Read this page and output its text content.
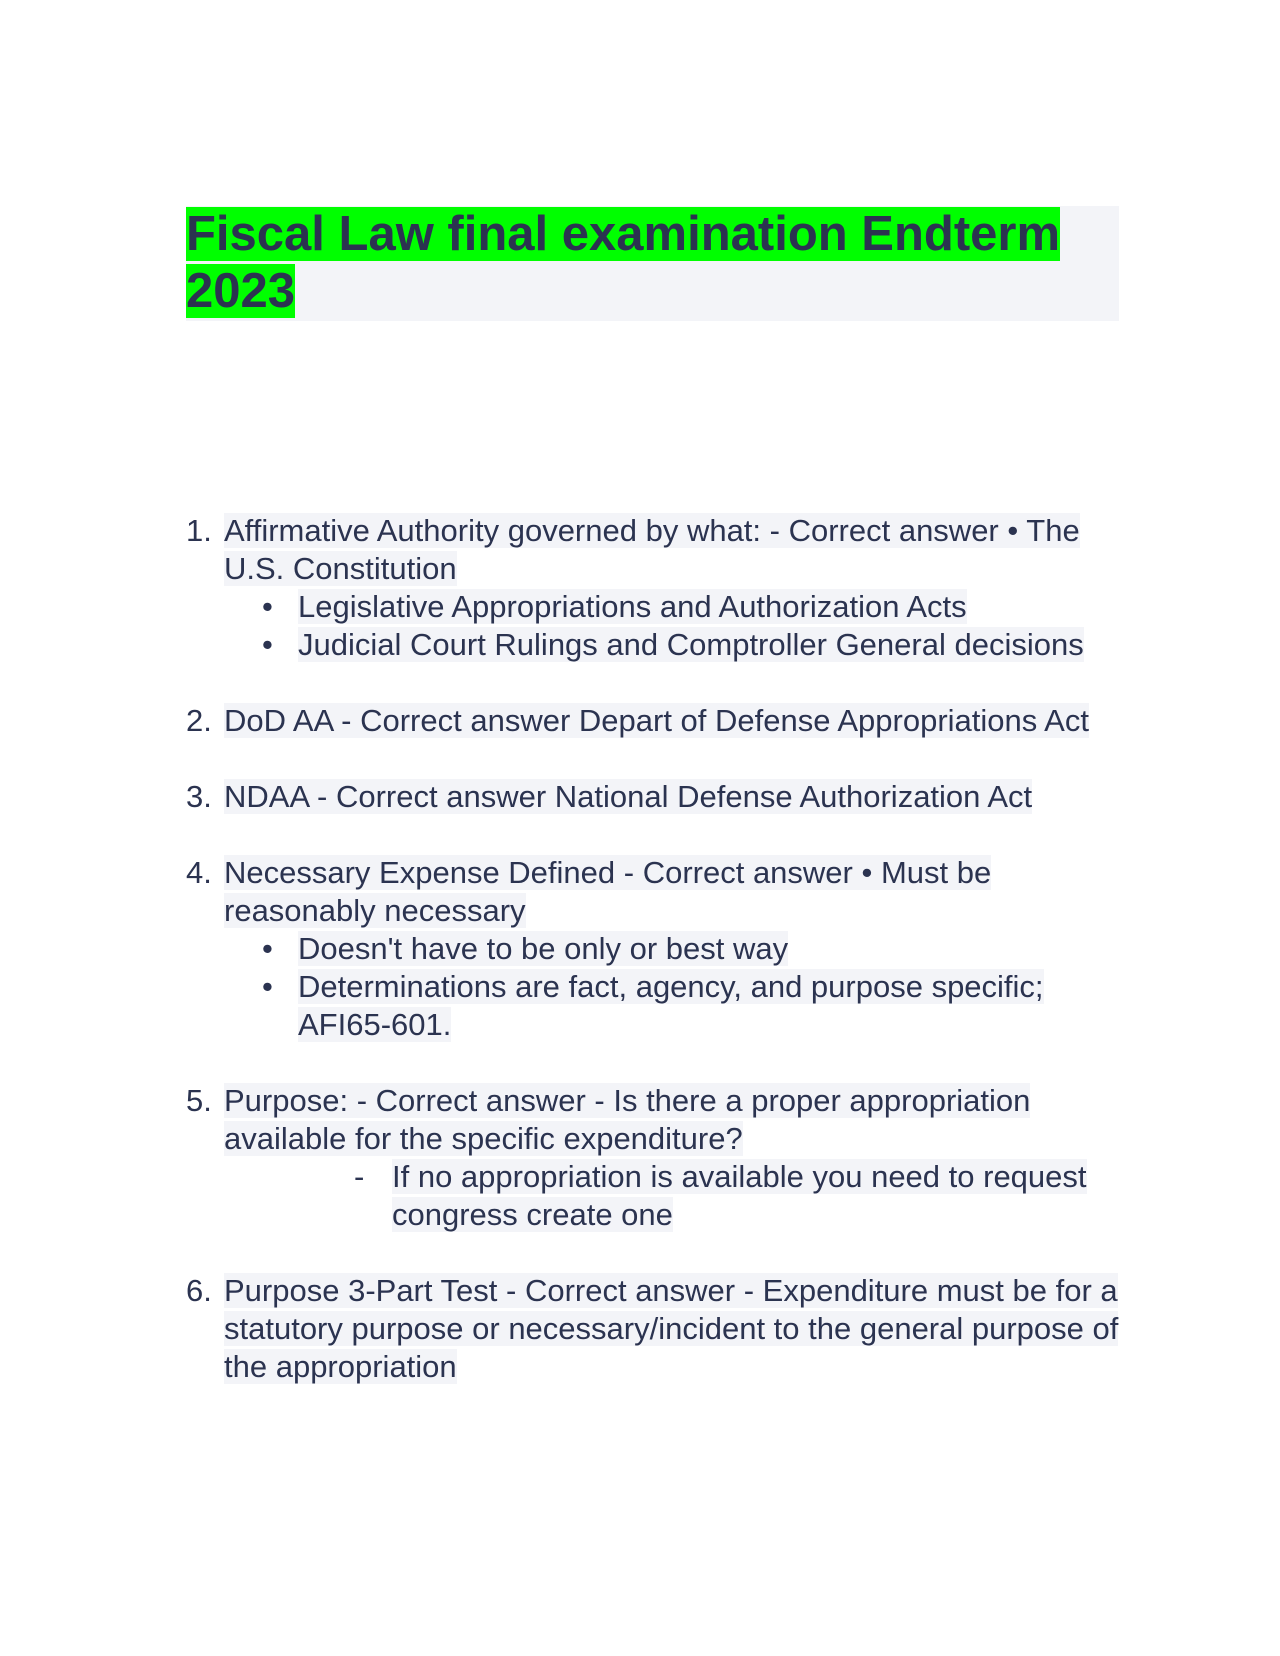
Fiscal Law final examination Endterm 2023
1. Affirmative Authority governed by what: - Correct answer • The U.S. Constitution
• Legislative Appropriations and Authorization Acts
• Judicial Court Rulings and Comptroller General decisions
2. DoD AA - Correct answer Depart of Defense Appropriations Act
3. NDAA - Correct answer National Defense Authorization Act
4. Necessary Expense Defined - Correct answer • Must be reasonably necessary
• Doesn't have to be only or best way
• Determinations are fact, agency, and purpose specific; AFI65-601.
5. Purpose: - Correct answer - Is there a proper appropriation available for the specific expenditure?
- If no appropriation is available you need to request congress create one
6. Purpose 3-Part Test - Correct answer - Expenditure must be for a statutory purpose or necessary/incident to the general purpose of the appropriation
